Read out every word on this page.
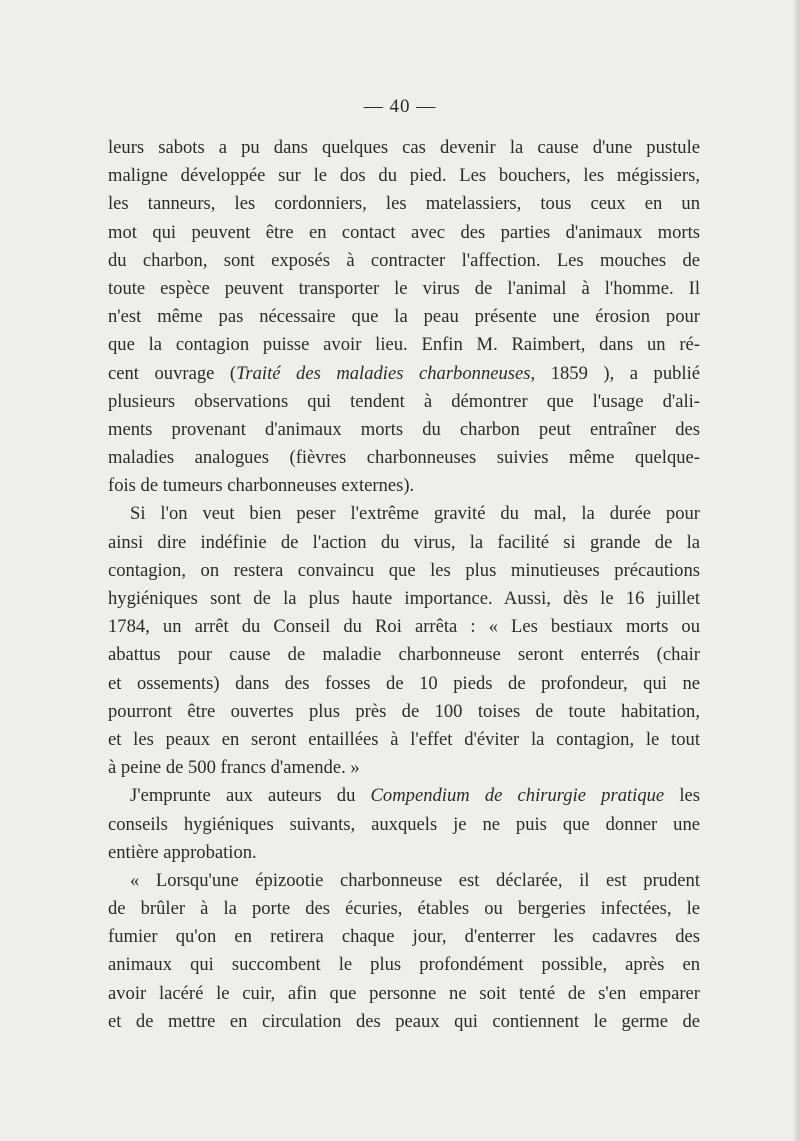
— 40 —
leurs sabots a pu dans quelques cas devenir la cause d'une pustule
maligne développée sur le dos du pied. Les bouchers, les mégissiers,
les tanneurs, les cordonniers, les matelassiers, tous ceux en un
mot qui peuvent être en contact avec des parties d'animaux morts
du charbon, sont exposés à contracter l'affection. Les mouches de
toute espèce peuvent transporter le virus de l'animal à l'homme. Il
n'est même pas nécessaire que la peau présente une érosion pour
que la contagion puisse avoir lieu. Enfin M. Raimbert, dans un ré-
cent ouvrage (Traité des maladies charbonneuses, 1859 ), a publié
plusieurs observations qui tendent à démontrer que l'usage d'ali-
ments provenant d'animaux morts du charbon peut entraîner des
maladies analogues (fièvres charbonneuses suivies même quelque-
fois de tumeurs charbonneuses externes).
Si l'on veut bien peser l'extrême gravité du mal, la durée pour
ainsi dire indéfinie de l'action du virus, la facilité si grande de la
contagion, on restera convaincu que les plus minutieuses précautions
hygiéniques sont de la plus haute importance. Aussi, dès le 16 juillet
1784, un arrêt du Conseil du Roi arrêta : « Les bestiaux morts ou
abattus pour cause de maladie charbonneuse seront enterrés (chair
et ossements) dans des fosses de 10 pieds de profondeur, qui ne
pourront être ouvertes plus près de 100 toises de toute habitation,
et les peaux en seront entaillées à l'effet d'éviter la contagion, le tout
à peine de 500 francs d'amende. »
J'emprunte aux auteurs du Compendium de chirurgie pratique les
conseils hygiéniques suivants, auxquels je ne puis que donner une
entière approbation.
« Lorsqu'une épizootie charbonneuse est déclarée, il est prudent
de brûler à la porte des écuries, étables ou bergeries infectées, le
fumier qu'on en retirera chaque jour, d'enterrer les cadavres des
animaux qui succombent le plus profondément possible, après en
avoir lacéré le cuir, afin que personne ne soit tenté de s'en emparer
et de mettre en circulation des peaux qui contiennent le germe de
